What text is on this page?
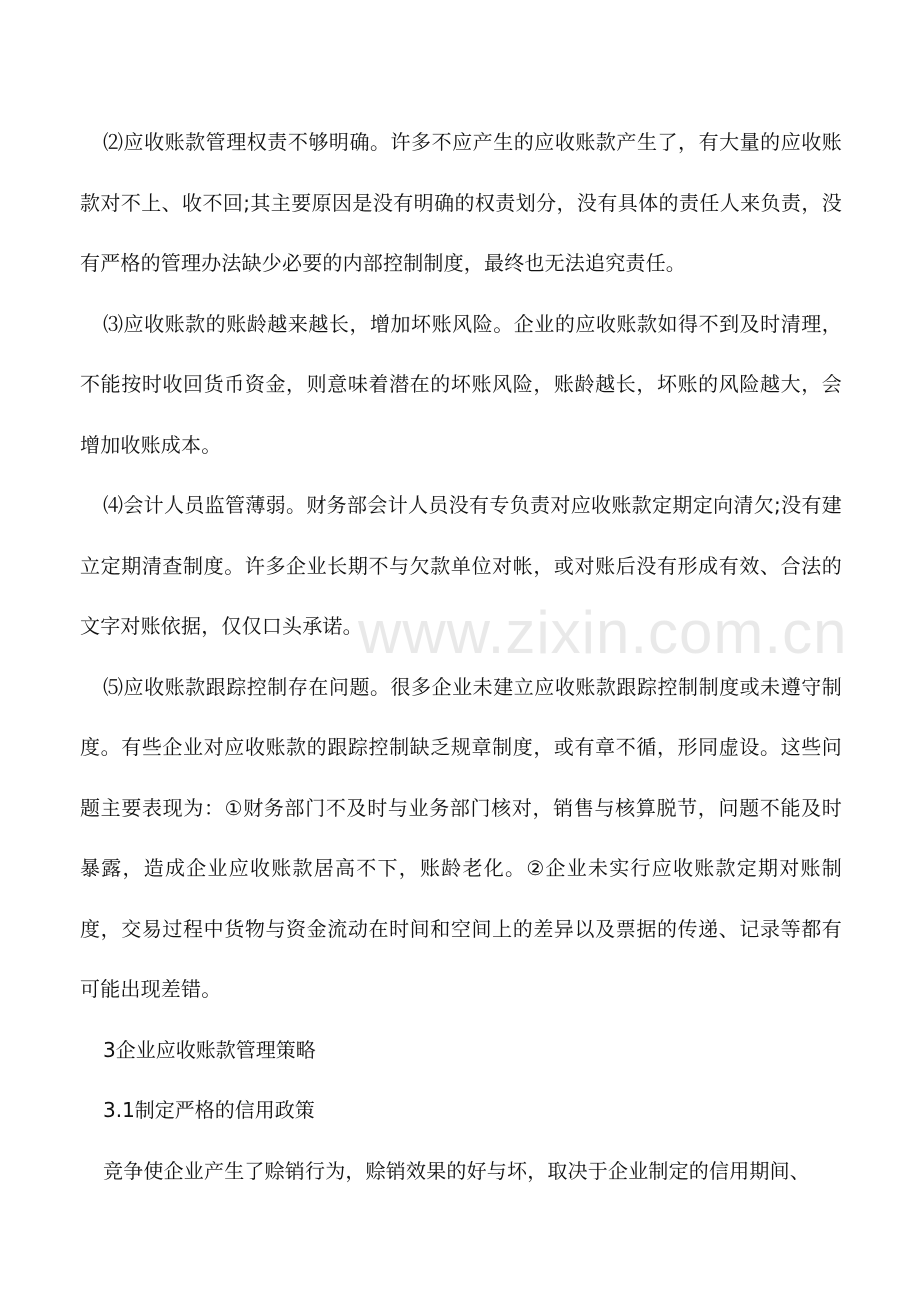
⑵应收账款管理权责不够明确。许多不应产生的应收账款产生了，有大量的应收账款对不上、收不回;其主要原因是没有明确的权责划分，没有具体的责任人来负责，没有严格的管理办法缺少必要的内部控制制度，最终也无法追究责任。

⑶应收账款的账龄越来越长，增加坏账风险。企业的应收账款如得不到及时清理，不能按时收回货币资金，则意味着潜在的坏账风险，账龄越长，坏账的风险越大，会增加收账成本。

⑷会计人员监管薄弱。财务部会计人员没有专负责对应收账款定期定向清欠;没有建立定期清查制度。许多企业长期不与欠款单位对帐，或对账后没有形成有效、合法的文字对账依据，仅仅口头承诺。

⑸应收账款跟踪控制存在问题。很多企业未建立应收账款跟踪控制制度或未遵守制度。有些企业对应收账款的跟踪控制缺乏规章制度，或有章不循，形同虚设。这些问题主要表现为：①财务部门不及时与业务部门核对，销售与核算脱节，问题不能及时暴露，造成企业应收账款居高不下，账龄老化。②企业未实行应收账款定期对账制度，交易过程中货物与资金流动在时间和空间上的差异以及票据的传递、记录等都有可能出现差错。

3企业应收账款管理策略

3.1制定严格的信用政策

竞争使企业产生了赊销行为，赊销效果的好与坏，取决于企业制定的信用期间、

www.zixin.com.cn
